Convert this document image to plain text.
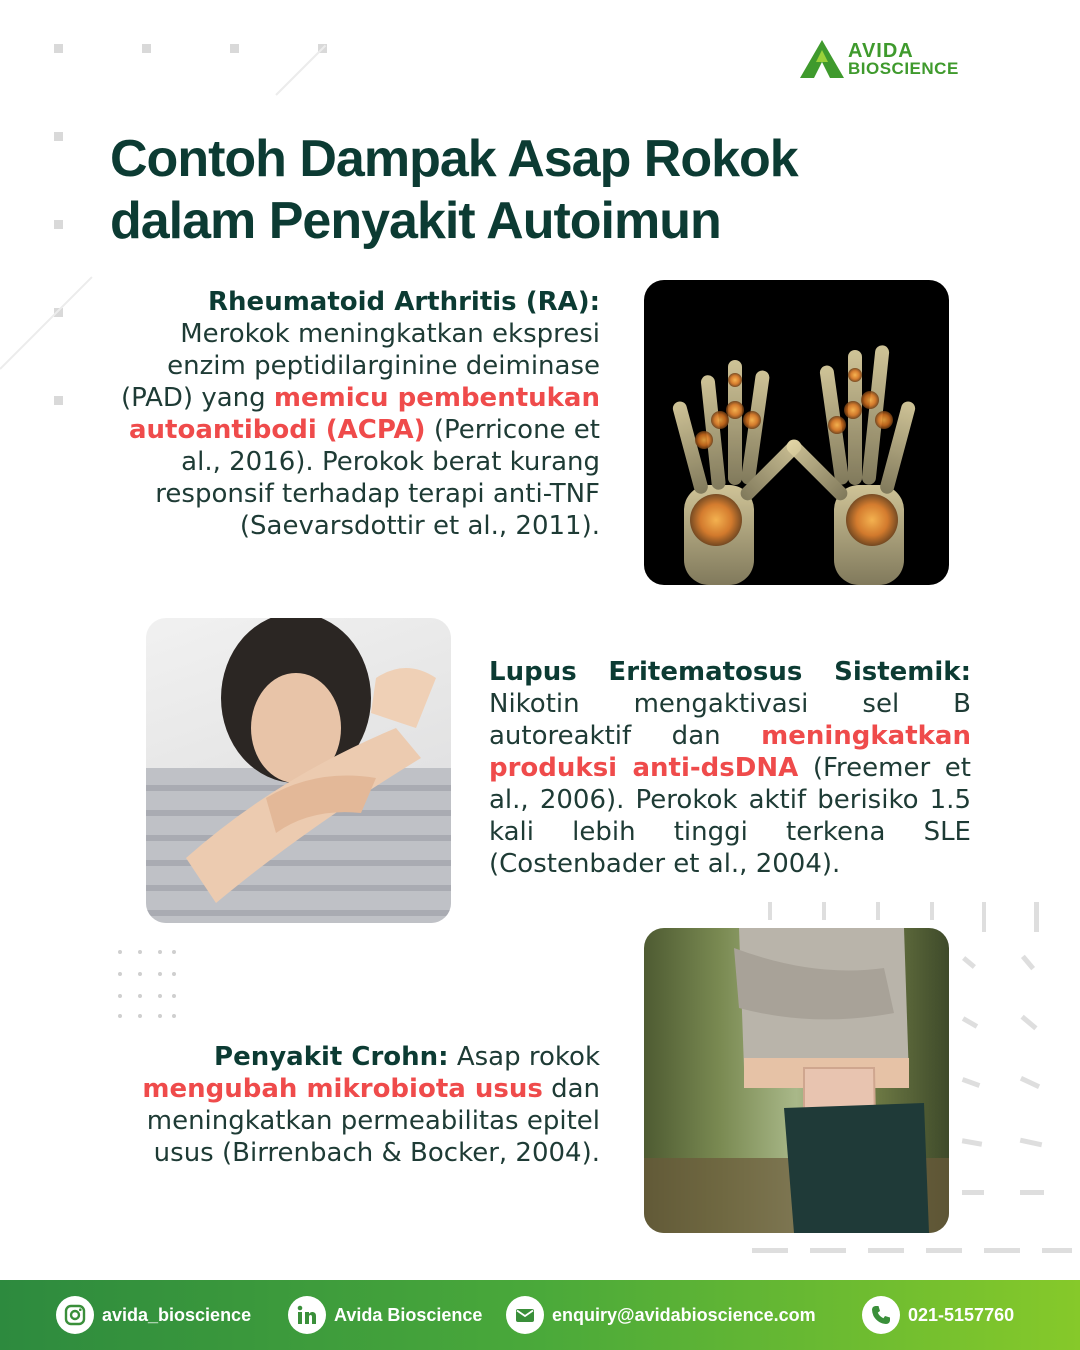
AVIDA
BIOSCIENCE
Contoh Dampak Asap Rokok
dalam Penyakit Autoimun
Rheumatoid Arthritis (RA): Merokok meningkatkan ekspresi enzim peptidilarginine deiminase (PAD) yang memicu pembentukan autoantibodi (ACPA) (Perricone et al., 2016). Perokok berat kurang responsif terhadap terapi anti-TNF (Saevarsdottir et al., 2011).
Lupus Eritematosus Sistemik: Nikotin mengaktivasi sel B autoreaktif dan meningkatkan produksi anti-dsDNA (Freemer et al., 2006). Perokok aktif berisiko 1.5 kali lebih tinggi terkena SLE (Costenbader et al., 2004).
Penyakit Crohn: Asap rokok mengubah mikrobiota usus dan meningkatkan permeabilitas epitel usus (Birrenbach & Bocker, 2004).
avida_bioscience	Avida Bioscience	enquiry@avidabioscience.com	021-5157760
